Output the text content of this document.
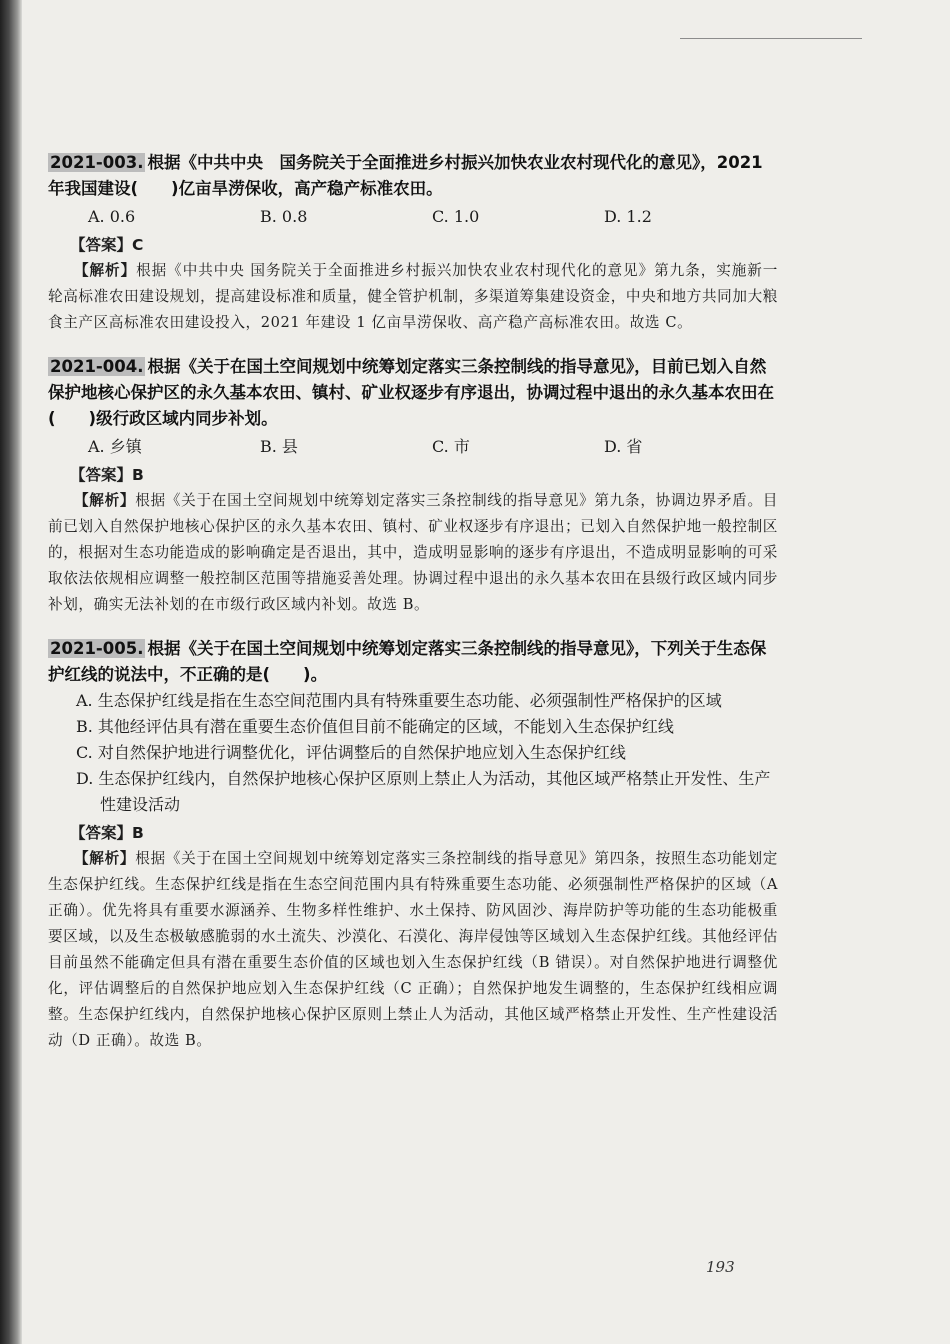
2021-003. 根据《中共中央　国务院关于全面推进乡村振兴加快农业农村现代化的意见》，2021 年我国建设(　　)亿亩旱涝保收，高产稳产标准农田。

A. 0.6	B. 0.8	C. 1.0	D. 1.2

【答案】C

【解析】根据《中共中央 国务院关于全面推进乡村振兴加快农业农村现代化的意见》第九条，实施新一轮高标准农田建设规划，提高建设标准和质量，健全管护机制，多渠道筹集建设资金，中央和地方共同加大粮食主产区高标准农田建设投入，2021 年建设 1 亿亩旱涝保收、高产稳产高标准农田。故选 C。

2021-004. 根据《关于在国土空间规划中统筹划定落实三条控制线的指导意见》，目前已划入自然保护地核心保护区的永久基本农田、镇村、矿业权逐步有序退出，协调过程中退出的永久基本农田在(　　)级行政区域内同步补划。

A. 乡镇	B. 县	C. 市	D. 省

【答案】B

【解析】根据《关于在国土空间规划中统筹划定落实三条控制线的指导意见》第九条，协调边界矛盾。目前已划入自然保护地核心保护区的永久基本农田、镇村、矿业权逐步有序退出；已划入自然保护地一般控制区的，根据对生态功能造成的影响确定是否退出，其中，造成明显影响的逐步有序退出，不造成明显影响的可采取依法依规相应调整一般控制区范围等措施妥善处理。协调过程中退出的永久基本农田在县级行政区域内同步补划，确实无法补划的在市级行政区域内补划。故选 B。

2021-005. 根据《关于在国土空间规划中统筹划定落实三条控制线的指导意见》，下列关于生态保护红线的说法中，不正确的是(　　)。

A. 生态保护红线是指在生态空间范围内具有特殊重要生态功能、必须强制性严格保护的区域

B. 其他经评估具有潜在重要生态价值但目前不能确定的区域，不能划入生态保护红线

C. 对自然保护地进行调整优化，评估调整后的自然保护地应划入生态保护红线

D. 生态保护红线内，自然保护地核心保护区原则上禁止人为活动，其他区域严格禁止开发性、生产性建设活动

【答案】B

【解析】根据《关于在国土空间规划中统筹划定落实三条控制线的指导意见》第四条，按照生态功能划定生态保护红线。生态保护红线是指在生态空间范围内具有特殊重要生态功能、必须强制性严格保护的区域（A 正确）。优先将具有重要水源涵养、生物多样性维护、水土保持、防风固沙、海岸防护等功能的生态功能极重要区域，以及生态极敏感脆弱的水土流失、沙漠化、石漠化、海岸侵蚀等区域划入生态保护红线。其他经评估目前虽然不能确定但具有潜在重要生态价值的区域也划入生态保护红线（B 错误）。对自然保护地进行调整优化，评估调整后的自然保护地应划入生态保护红线（C 正确）；自然保护地发生调整的，生态保护红线相应调整。生态保护红线内，自然保护地核心保护区原则上禁止人为活动，其他区域严格禁止开发性、生产性建设活动（D 正确）。故选 B。

193
